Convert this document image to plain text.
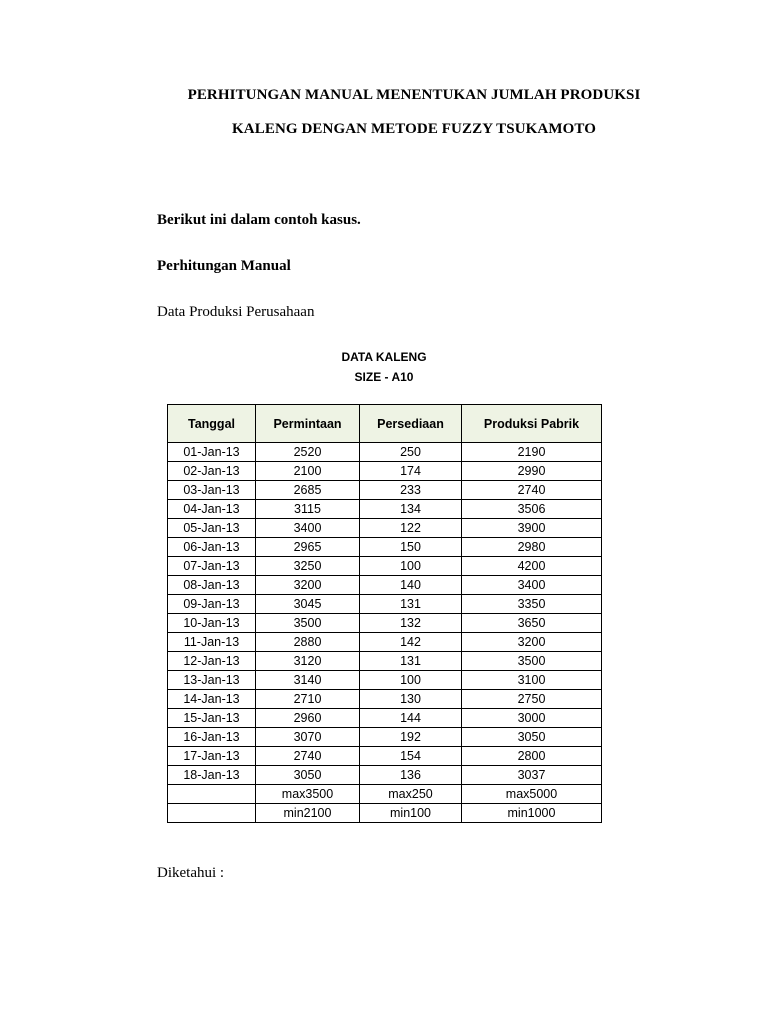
PERHITUNGAN MANUAL MENENTUKAN JUMLAH PRODUKSI
KALENG DENGAN METODE FUZZY TSUKAMOTO
Berikut ini dalam contoh kasus.
Perhitungan Manual
Data Produksi Perusahaan
DATA KALENG
SIZE - A10
Tanggal	Permintaan	Persediaan	Produksi Pabrik
01-Jan-13	2520	250	2190
02-Jan-13	2100	174	2990
03-Jan-13	2685	233	2740
04-Jan-13	3115	134	3506
05-Jan-13	3400	122	3900
06-Jan-13	2965	150	2980
07-Jan-13	3250	100	4200
08-Jan-13	3200	140	3400
09-Jan-13	3045	131	3350
10-Jan-13	3500	132	3650
11-Jan-13	2880	142	3200
12-Jan-13	3120	131	3500
13-Jan-13	3140	100	3100
14-Jan-13	2710	130	2750
15-Jan-13	2960	144	3000
16-Jan-13	3070	192	3050
17-Jan-13	2740	154	2800
18-Jan-13	3050	136	3037
	max3500	max250	max5000
	min2100	min100	min1000
Diketahui :
